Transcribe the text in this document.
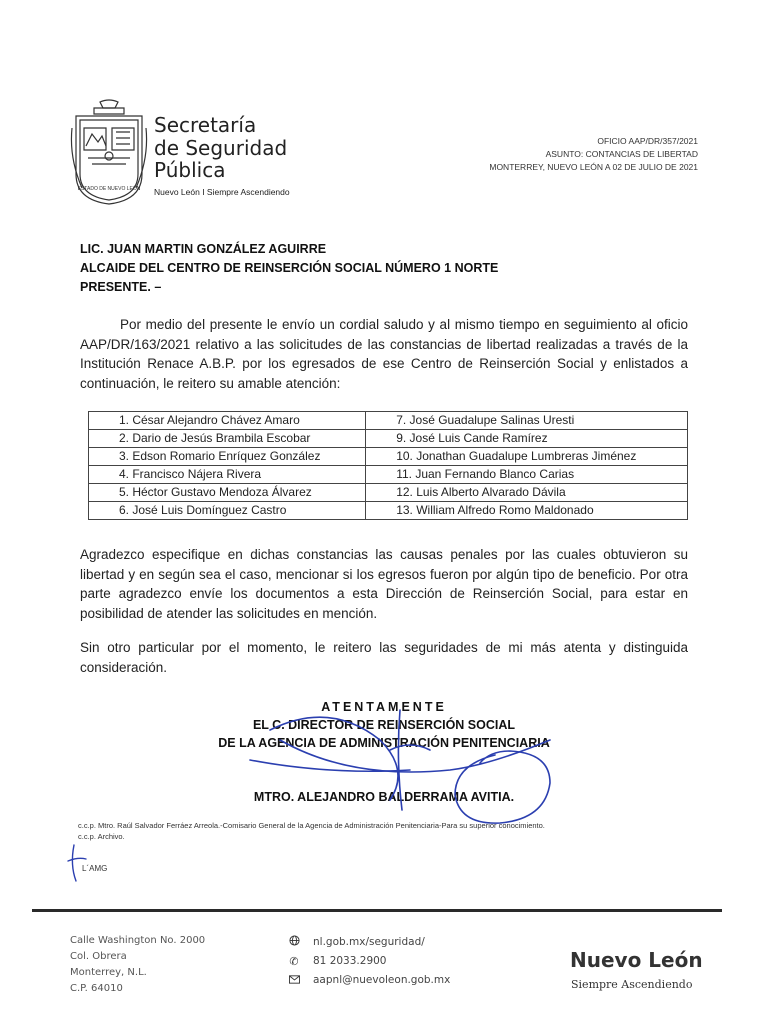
ESTADO DE NUEVO LEÓN
Secretaría
de Seguridad
Pública
Nuevo León I Siempre Ascendiendo
OFICIO AAP/DR/357/2021
ASUNTO: CONTANCIAS DE LIBERTAD
MONTERREY, NUEVO LEÓN A 02 DE JULIO DE 2021
LIC. JUAN MARTIN GONZÁLEZ AGUIRRE
ALCAIDE DEL CENTRO DE REINSERCIÓN SOCIAL NÚMERO 1 NORTE
PRESENTE. –
Por medio del presente le envío un cordial saludo y al mismo tiempo en seguimiento al oficio AAP/DR/163/2021 relativo a las solicitudes de las constancias de libertad realizadas a través de la Institución Renace A.B.P. por los egresados de ese Centro de Reinserción Social y enlistados a continuación, le reitero su amable atención:
1. César Alejandro Chávez Amaro	7. José Guadalupe Salinas Uresti
2. Dario de Jesús Brambila Escobar	9. José Luis Cande Ramírez
3. Edson Romario Enríquez González	10. Jonathan Guadalupe Lumbreras Jiménez
4. Francisco Nájera Rivera	11. Juan Fernando Blanco Carias
5. Héctor Gustavo Mendoza Álvarez	12. Luis Alberto Alvarado Dávila
6. José Luis Domínguez Castro	13. William Alfredo Romo Maldonado
Agradezco especifique en dichas constancias las causas penales por las cuales obtuvieron su libertad y en según sea el caso, mencionar si los egresos fueron por algún tipo de beneficio. Por otra parte agradezco envíe los documentos a esta Dirección de Reinserción Social, para estar en posibilidad de atender las solicitudes en mención.
Sin otro particular por el momento, le reitero las seguridades de mi más atenta y distinguida consideración.
ATENTAMENTE
EL C. DIRECTOR DE REINSERCIÓN SOCIAL
DE LA AGENCIA DE ADMINISTRACIÓN PENITENCIARIA
MTRO. ALEJANDRO BALDERRAMA AVITIA.
c.c.p. Mtro. Raúl Salvador Ferráez Arreola.-Comisario General de la Agencia de Administración Penitenciaria-Para su superior conocimiento.
c.c.p. Archivo.
L´AMG
Calle Washington No. 2000
Col. Obrera
Monterrey, N.L.
C.P. 64010
nl.gob.mx/seguridad/
✆	81 2033.2900
aapnl@nuevoleon.gob.mx
Nuevo León
Siempre Ascendiendo
